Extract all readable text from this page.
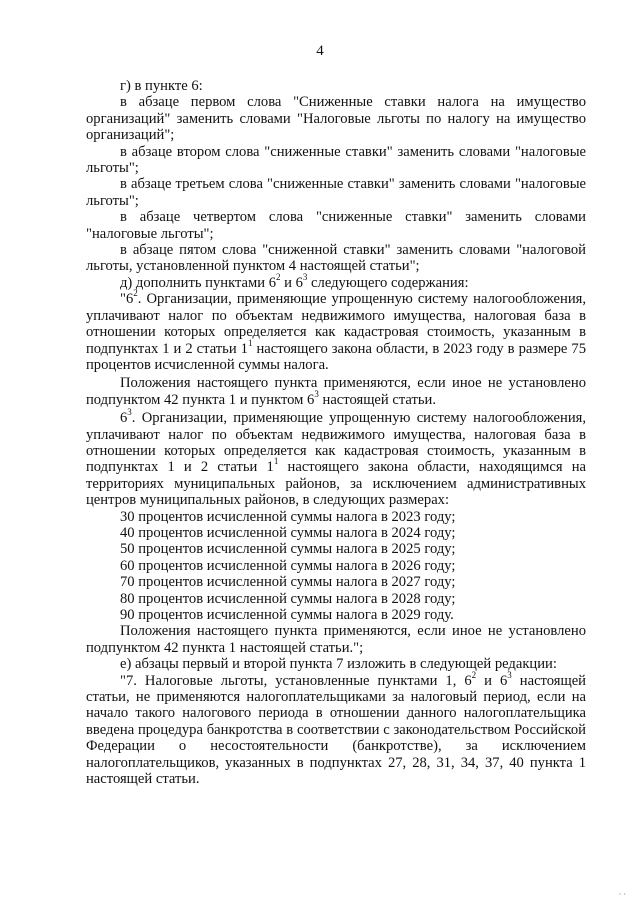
4

г) в пункте 6:

в абзаце первом слова "Сниженные ставки налога на имущество организаций" заменить словами "Налоговые льготы по налогу на имущество организаций";

в абзаце втором слова "сниженные ставки" заменить словами "налоговые льготы";

в абзаце третьем слова "сниженные ставки" заменить словами "налоговые льготы";

в абзаце четвертом слова "сниженные ставки" заменить словами "налоговые льготы";

в абзаце пятом слова "сниженной ставки" заменить словами "налоговой льготы, установленной пунктом 4 настоящей статьи";

д) дополнить пунктами $6^2$ и $6^3$ следующего содержания:

"$6^2$. Организации, применяющие упрощенную систему налогообложения, уплачивают налог по объектам недвижимого имущества, налоговая база в отношении которых определяется как кадастровая стоимость, указанным в подпунктах 1 и 2 статьи $1^1$ настоящего закона области, в 2023 году в размере 75 процентов исчисленной суммы налога.

Положения настоящего пункта применяются, если иное не установлено подпунктом 42 пункта 1 и пунктом $6^3$ настоящей статьи.

$6^3$. Организации, применяющие упрощенную систему налогообложения, уплачивают налог по объектам недвижимого имущества, налоговая база в отношении которых определяется как кадастровая стоимость, указанным в подпунктах 1 и 2 статьи $1^1$ настоящего закона области, находящимся на территориях муниципальных районов, за исключением административных центров муниципальных районов, в следующих размерах:

30 процентов исчисленной суммы налога в 2023 году;

40 процентов исчисленной суммы налога в 2024 году;

50 процентов исчисленной суммы налога в 2025 году;

60 процентов исчисленной суммы налога в 2026 году;

70 процентов исчисленной суммы налога в 2027 году;

80 процентов исчисленной суммы налога в 2028 году;

90 процентов исчисленной суммы налога в 2029 году.

Положения настоящего пункта применяются, если иное не установлено подпунктом 42 пункта 1 настоящей статьи.";

е) абзацы первый и второй пункта 7 изложить в следующей редакции:

"7. Налоговые льготы, установленные пунктами 1, $6^2$ и $6^3$ настоящей статьи, не применяются налогоплательщиками за налоговый период, если на начало такого налогового периода в отношении данного налогоплательщика введена процедура банкротства в соответствии с законодательством Российской Федерации о несостоятельности (банкротстве), за исключением налогоплательщиков, указанных в подпунктах 27, 28, 31, 34, 37, 40 пункта 1 настоящей статьи.

· ·
